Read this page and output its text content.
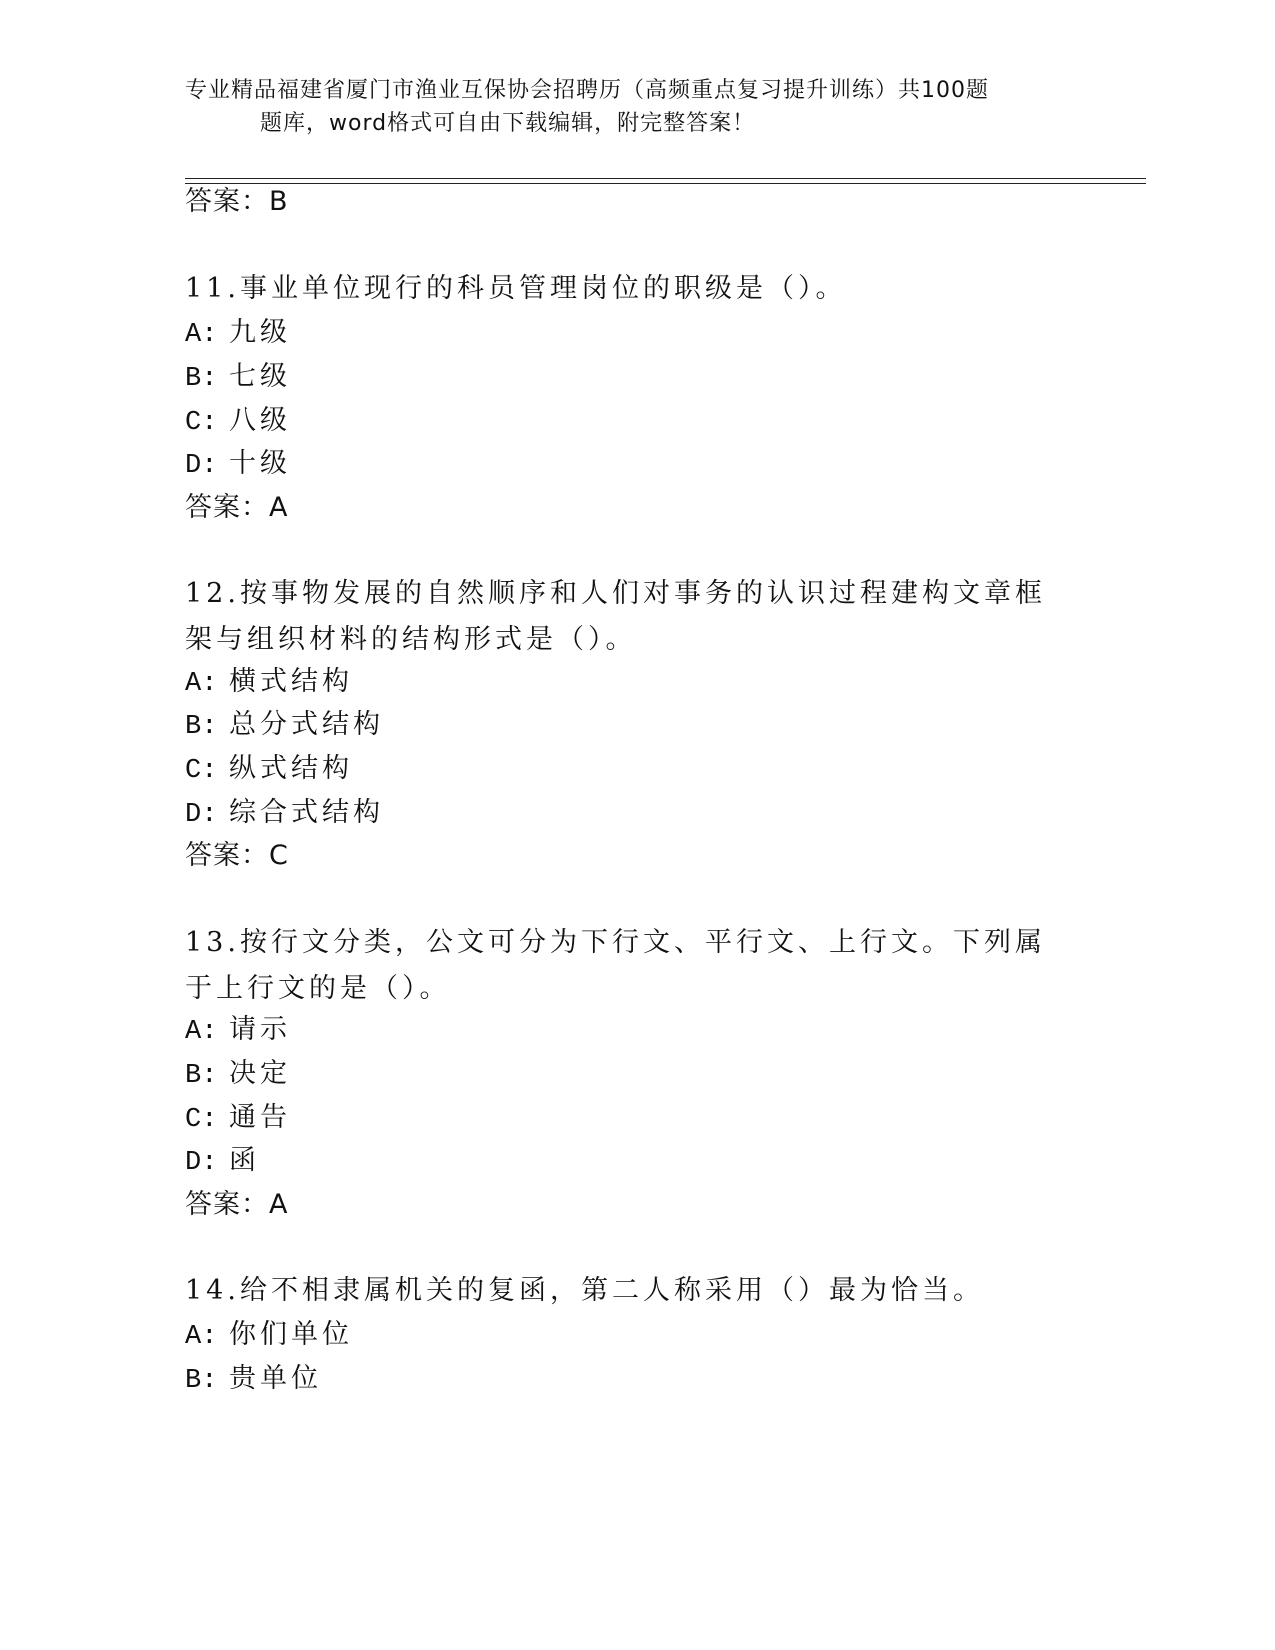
专业精品福建省厦门市渔业互保协会招聘历（高频重点复习提升训练）共100题
题库，word格式可自由下载编辑，附完整答案！
答案：B
11.事业单位现行的科员管理岗位的职级是（）。
A: 九级
B: 七级
C: 八级
D: 十级
答案：A
12.按事物发展的自然顺序和人们对事务的认识过程建构文章框架与组织材料的结构形式是（）。
A: 横式结构
B: 总分式结构
C: 纵式结构
D: 综合式结构
答案：C
13.按行文分类，公文可分为下行文、平行文、上行文。下列属于上行文的是（）。
A: 请示
B: 决定
C: 通告
D: 函
答案：A
14.给不相隶属机关的复函，第二人称采用（）最为恰当。
A: 你们单位
B: 贵单位
